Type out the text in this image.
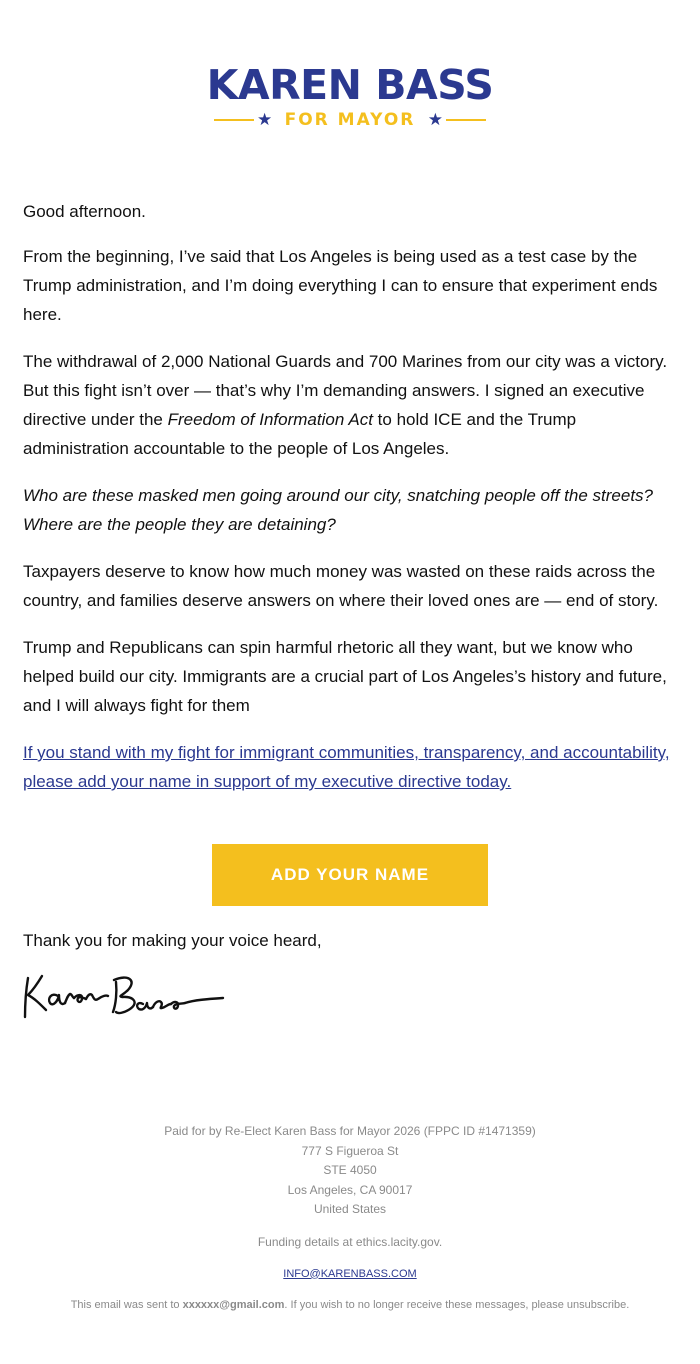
KAREN BASS
★ FOR MAYOR ★

Good afternoon.

From the beginning, I’ve said that Los Angeles is being used as a test case by the Trump administration, and I’m doing everything I can to ensure that experiment ends here.

The withdrawal of 2,000 National Guards and 700 Marines from our city was a victory. But this fight isn’t over — that’s why I’m demanding answers. I signed an executive directive under the Freedom of Information Act to hold ICE and the Trump administration accountable to the people of Los Angeles.

Who are these masked men going around our city, snatching people off the streets? Where are the people they are detaining?

Taxpayers deserve to know how much money was wasted on these raids across the country, and families deserve answers on where their loved ones are — end of story.

Trump and Republicans can spin harmful rhetoric all they want, but we know who helped build our city. Immigrants are a crucial part of Los Angeles’s history and future, and I will always fight for them

If you stand with my fight for immigrant communities, transparency, and accountability, please add your name in support of my executive directive today.

ADD YOUR NAME
Thank you for making your voice heard,
Paid for by Re-Elect Karen Bass for Mayor 2026 (FPPC ID #1471359)
777 S Figueroa St
STE 4050
Los Angeles, CA 90017
United States
Funding details at ethics.lacity.gov.
INFO@KARENBASS.COM
This email was sent to xxxxxx@gmail.com. If you wish to no longer receive these messages, please unsubscribe.
